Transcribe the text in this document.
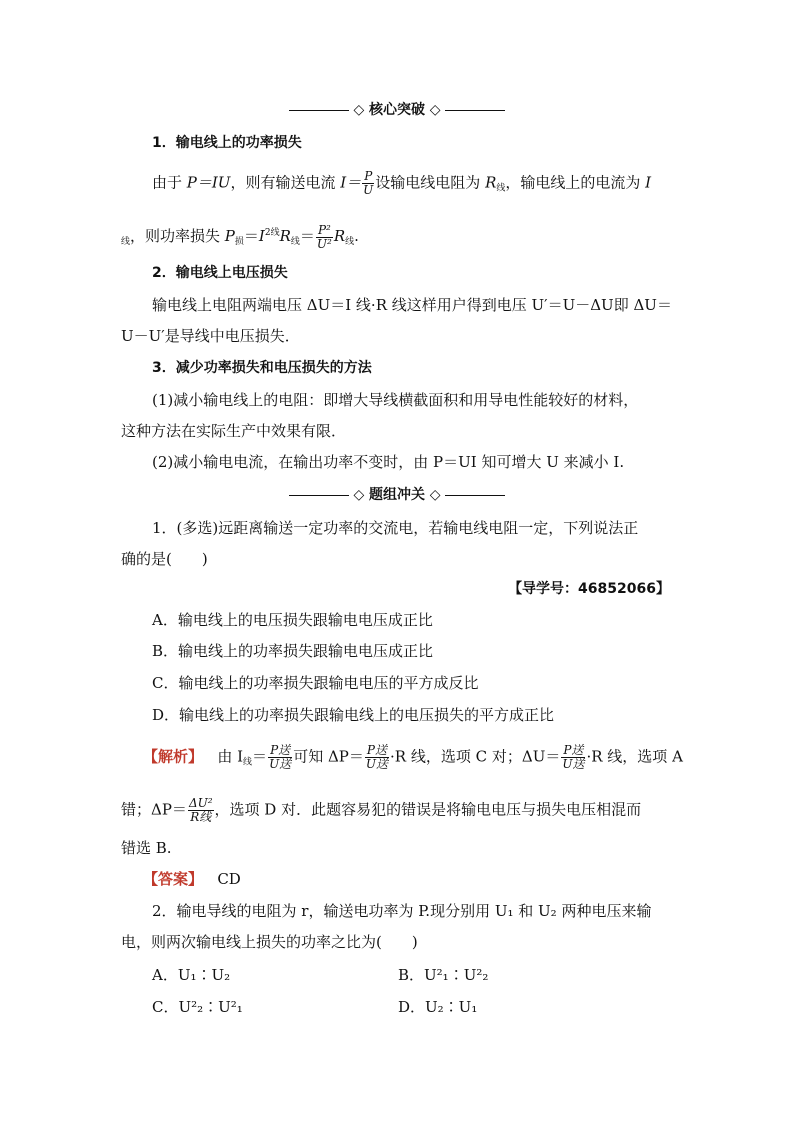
◇ 核心突破 ◇
1．输电线上的功率损失
由于 P＝IU，则有输送电流 $I= \frac{P}{U}$ 设输电线电阻为 $R_线$，输电线上的电流为 I
$_线$，则功率损失 $P_损=I^{2线}R_线= \frac{\text{P²}}{\text{U²}} R_线$.
2．输电线上电压损失
输电线上电阻两端电压 ΔU＝I 线·R 线这样用户得到电压 U′＝U－ΔU即 ΔU＝
U－U′是导线中电压损失．
3．减少功率损失和电压损失的方法
(1)减小输电线上的电阻：即增大导线横截面积和用导电性能较好的材料，
这种方法在实际生产中效果有限．
(2)减小输电电流，在输出功率不变时，由 P＝UI 知可增大 U 来减小 I.
◇ 题组冲关 ◇
1．(多选)远距离输送一定功率的交流电，若输电线电阻一定，下列说法正
确的是(　　)
【导学号：46852066】
A．输电线上的电压损失跟输电电压成正比
B．输电线上的功率损失跟输电电压成正比
C．输电线上的功率损失跟输电电压的平方成反比
D．输电线上的功率损失跟输电线上的电压损失的平方成正比
【解析】 由 $I_线= \frac{\text{P送}}{\text{U送}}$ 可知 $\Delta P= \frac{\text{P送}}{\text{U送}} \cdot R$ 线，选项 C 对；$\Delta U= \frac{\text{P送}}{\text{U送}} \cdot R$ 线，选项 A
错；$\Delta P= \frac{\text{ΔU²}}{\text{R线}}$ ，选项 D 对．此题容易犯的错误是将输电电压与损失电压相混而
错选 B.
【答案】 CD
2．输电导线的电阻为 r，输送电功率为 P.现分别用 U₁ 和 U₂ 两种电压来输
电，则两次输电线上损失的功率之比为(　　)
A．U₁∶U₂	B．U²₁∶U²₂
C．U²₂∶U²₁	D．U₂∶U₁
